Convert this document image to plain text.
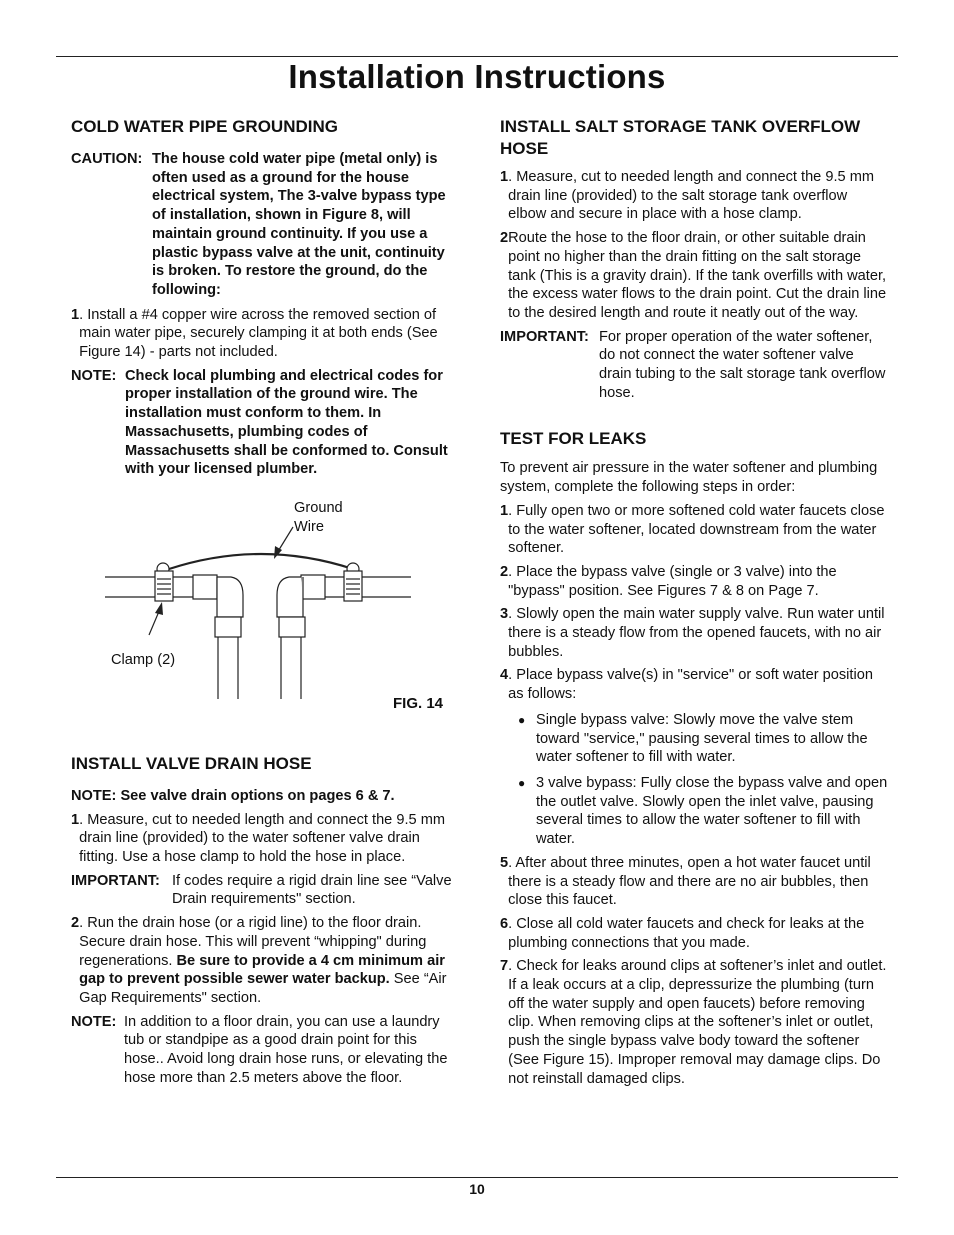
Installation Instructions
COLD WATER PIPE GROUNDING
CAUTION: The house cold water pipe (metal only) is often used as a ground for the house electrical system, The 3-valve bypass type of installation, shown in Figure 8, will maintain ground continuity. If you use a plastic bypass valve at the unit, continuity is broken. To restore the ground, do the following:
1 . Install a #4 copper wire across the removed section of main water pipe, securely clamping it at both ends (See Figure 14) - parts not included.
NOTE: Check local plumbing and electrical codes for proper installation of the ground wire. The installation must conform to them. In Massachusetts, plumbing codes of Massachusetts shall be conformed to. Consult with your licensed plumber.
Ground
Wire
Clamp (2)
FIG. 14
INSTALL VALVE DRAIN HOSE
NOTE: See valve drain options on pages 6 & 7.
1 . Measure, cut to needed length and connect the 9.5 mm drain line (provided) to the water softener valve drain fitting. Use a hose clamp to hold the hose in place.
IMPORTANT: If codes require a rigid drain line see “Valve Drain requirements" section.
2 . Run the drain hose (or a rigid line) to the floor drain. Secure drain hose. This will prevent “whipping" during regenerations. Be sure to provide a 4 cm minimum air gap to prevent possible sewer water backup. See “Air Gap Requirements" section.
NOTE: In addition to a floor drain, you can use a laundry tub or standpipe as a good drain point for this hose.. Avoid long drain hose runs, or elevating the hose more than 2.5 meters above the floor.
INSTALL SALT STORAGE TANK OVERFLOW HOSE
1 . Measure, cut to needed length and connect the 9.5 mm drain line (provided) to the salt storage tank overflow elbow and secure in place with a hose clamp.
2 Route the hose to the floor drain, or other suitable drain point no higher than the drain fitting on the salt storage tank (This is a gravity drain). If the tank overfills with water, the excess water flows to the drain point. Cut the drain line to the desired length and route it neatly out of the way.
IMPORTANT: For proper operation of the water softener, do not connect the water softener valve drain tubing to the salt storage tank overflow hose.
TEST FOR LEAKS
To prevent air pressure in the water softener and plumbing system, complete the following steps in order:
1 . Fully open two or more softened cold water faucets close to the water softener, located downstream from the water softener.
2 . Place the bypass valve (single or 3 valve) into the "bypass" position. See Figures 7 & 8 on Page 7.
3 . Slowly open the main water supply valve. Run water until there is a steady flow from the opened faucets, with no air bubbles.
4 . Place bypass valve(s) in "service" or soft water position as follows:
● Single bypass valve: Slowly move the valve stem toward "service," pausing several times to allow the water softener to fill with water.
● 3 valve bypass: Fully close the bypass valve and open the outlet valve. Slowly open the inlet valve, pausing several times to allow the water softener to fill with water.
5 . After about three minutes, open a hot water faucet until there is a steady flow and there are no air bubbles, then close this faucet.
6 . Close all cold water faucets and check for leaks at the plumbing connections that you made.
7 . Check for leaks around clips at softener’s inlet and outlet. If a leak occurs at a clip, depressurize the plumbing (turn off the water supply and open faucets) before removing clip. When removing clips at the softener’s inlet or outlet, push the single bypass valve body toward the softener (See Figure 15). Improper removal may damage clips. Do not reinstall damaged clips.
10
